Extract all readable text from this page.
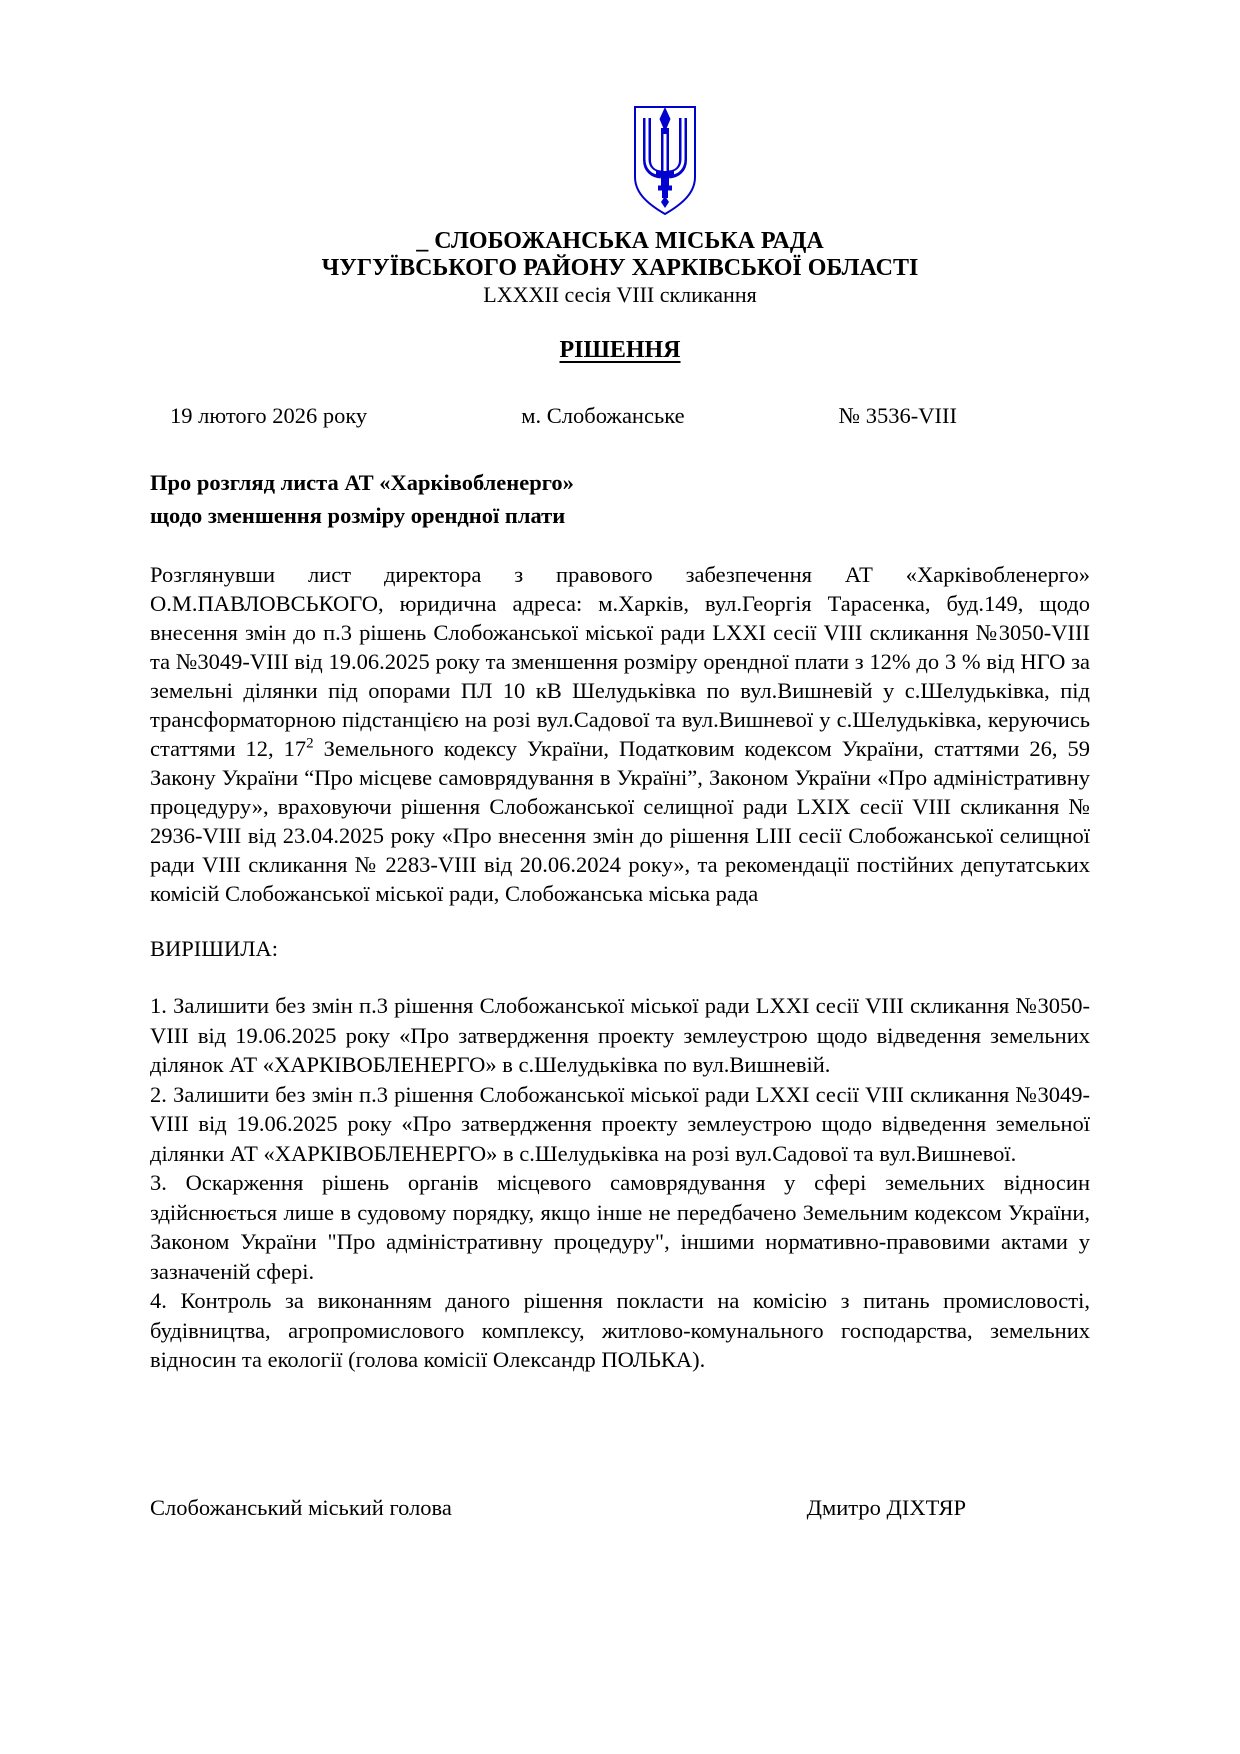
_ СЛОБОЖАНСЬКА МІСЬКА РАДА
ЧУГУЇВСЬКОГО РАЙОНУ ХАРКІВСЬКОЇ ОБЛАСТІ
LXXXII сесія VIII скликання
РІШЕННЯ
19 лютого 2026 року	м. Слобожанське	№ 3536-VIII
Про розгляд листа АТ «Харківобленерго»
щодо зменшення розміру орендної плати

Розглянувши лист директора з правового забезпечення АТ «Харківобленерго» О.М.ПАВЛОВСЬКОГО, юридична адреса: м.Харків, вул.Георгія Тарасенка, буд.149, щодо внесення змін до п.3 рішень Слобожанської міської ради LXXI сесії VIII скликання №3050-VIII та №3049-VIII від 19.06.2025 року та зменшення розміру орендної плати з 12% до 3 % від НГО за земельні ділянки під опорами ПЛ 10 кВ Шелудьківка по вул.Вишневій у с.Шелудьківка, під трансформаторною підстанцією на розі вул.Садової та вул.Вишневої у с.Шелудьківка, керуючись статтями 12, $17^2$ Земельного кодексу України, Податковим кодексом України, статтями 26, 59 Закону України “Про місцеве самоврядування в Україні”, Законом України «Про адміністративну процедуру», враховуючи рішення Слобожанської селищної ради LXIX сесії VIII скликання № 2936-VIII від 23.04.2025 року «Про внесення змін до рішення LIII сесії Слобожанської селищної ради VIII скликання № 2283-VIII від 20.06.2024 року», та рекомендації постійних депутатських комісій Слобожанської міської ради, Слобожанська міська рада

ВИРІШИЛА:

1. Залишити без змін п.3 рішення Слобожанської міської ради LXXI сесії VIII скликання №3050-VIII від 19.06.2025 року «Про затвердження проекту землеустрою щодо відведення земельних ділянок АТ «ХАРКІВОБЛЕНЕРГО» в с.Шелудьківка по вул.Вишневій.

2. Залишити без змін п.3 рішення Слобожанської міської ради LXXI сесії VIII скликання №3049-VIII від 19.06.2025 року «Про затвердження проекту землеустрою щодо відведення земельної ділянки АТ «ХАРКІВОБЛЕНЕРГО» в с.Шелудьківка на розі вул.Садової та вул.Вишневої.

3. Оскарження рішень органів місцевого самоврядування у сфері земельних відносин здійснюється лише в судовому порядку, якщо інше не передбачено Земельним кодексом України, Законом України "Про адміністративну процедуру", іншими нормативно-правовими актами у зазначеній сфері.

4. Контроль за виконанням даного рішення покласти на комісію з питань промисловості, будівництва, агропромислового комплексу, житлово-комунального господарства, земельних відносин та екології (голова комісії Олександр ПОЛЬКА).

Слобожанський міський голова	Дмитро ДІХТЯР
